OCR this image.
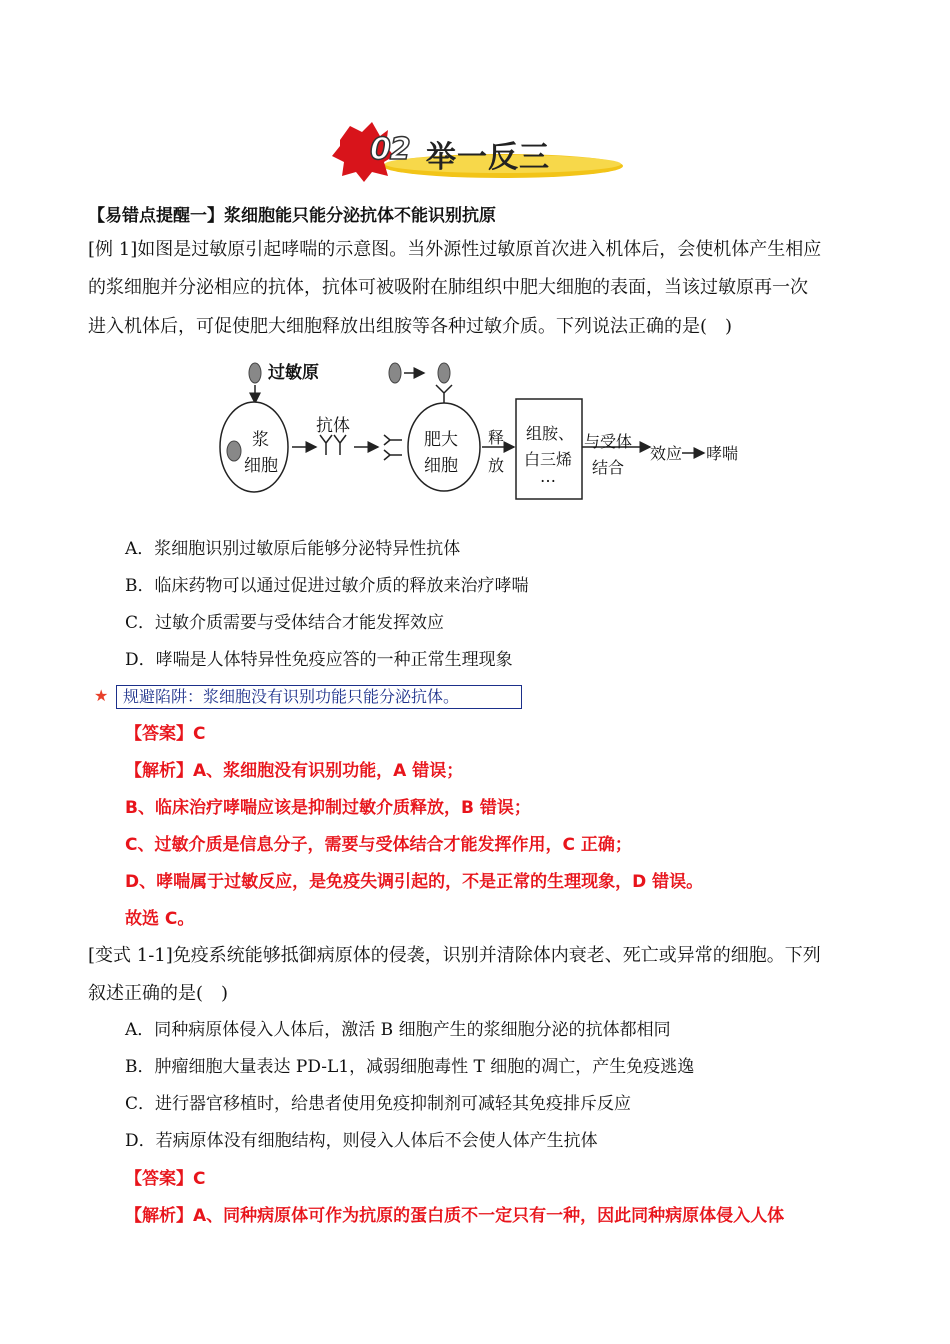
02 举一反三
【易错点提醒一】浆细胞能只能分泌抗体不能识别抗原
[例 1]如图是过敏原引起哮喘的示意图。当外源性过敏原首次进入机体后，会使机体产生相应
的浆细胞并分泌相应的抗体，抗体可被吸附在肺组织中肥大细胞的表面，当该过敏原再一次
进入机体后，可促使肥大细胞释放出组胺等各种过敏介质。下列说法正确的是(　)
过敏原
浆
细胞
抗体
肥大
细胞
释
放
组胺、
白三烯
…
与受体
结合
效应 哮喘
A．浆细胞识别过敏原后能够分泌特异性抗体
B．临床药物可以通过促进过敏介质的释放来治疗哮喘
C．过敏介质需要与受体结合才能发挥效应
D．哮喘是人体特异性免疫应答的一种正常生理现象
★ 规避陷阱：浆细胞没有识别功能只能分泌抗体。
【答案】C
【解析】A、浆细胞没有识别功能，A 错误；
B、临床治疗哮喘应该是抑制过敏介质释放，B 错误；
C、过敏介质是信息分子，需要与受体结合才能发挥作用，C 正确；
D、哮喘属于过敏反应，是免疫失调引起的，不是正常的生理现象，D 错误。
故选 C。
[变式 1-1]免疫系统能够抵御病原体的侵袭，识别并清除体内衰老、死亡或异常的细胞。下列
叙述正确的是(　)
A．同种病原体侵入人体后，激活 B 细胞产生的浆细胞分泌的抗体都相同
B．肿瘤细胞大量表达 PD-L1，减弱细胞毒性 T 细胞的凋亡，产生免疫逃逸
C．进行器官移植时，给患者使用免疫抑制剂可减轻其免疫排斥反应
D．若病原体没有细胞结构，则侵入人体后不会使人体产生抗体
【答案】C
【解析】A、同种病原体可作为抗原的蛋白质不一定只有一种，因此同种病原体侵入人体
